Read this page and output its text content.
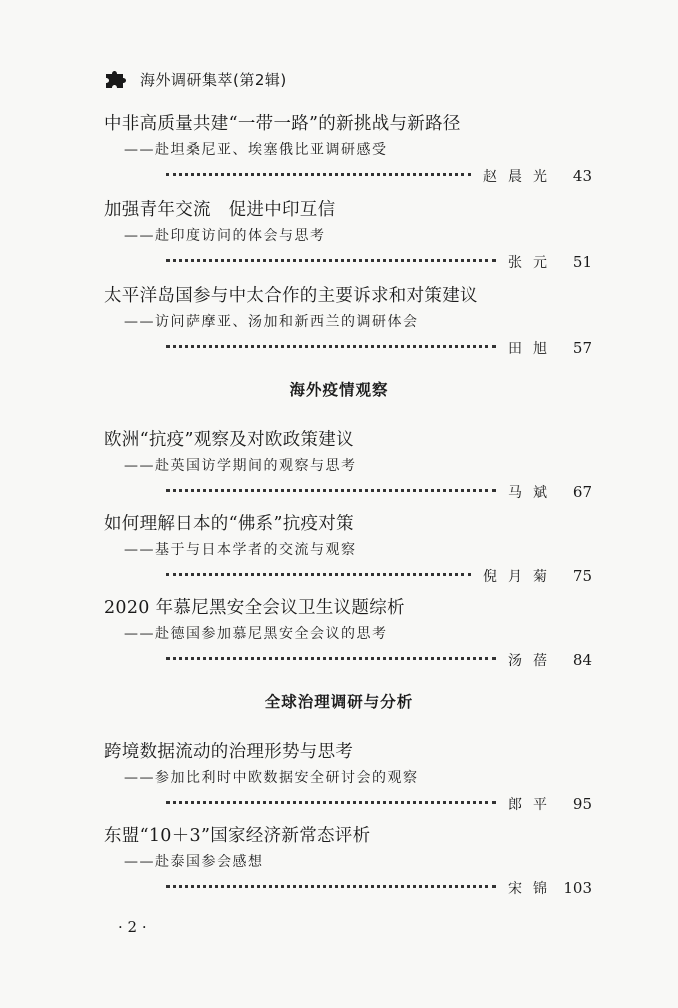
海外调研集萃(第2辑)
中非高质量共建“一带一路”的新挑战与新路径
——赴坦桑尼亚、埃塞俄比亚调研感受
赵晨光 43
加强青年交流　促进中印互信
——赴印度访问的体会与思考
张元 51
太平洋岛国参与中太合作的主要诉求和对策建议
——访问萨摩亚、汤加和新西兰的调研体会
田旭 57
海外疫情观察
欧洲“抗疫”观察及对欧政策建议
——赴英国访学期间的观察与思考
马斌 67
如何理解日本的“佛系”抗疫对策
——基于与日本学者的交流与观察
倪月菊 75
2020 年慕尼黑安全会议卫生议题综析
——赴德国参加慕尼黑安全会议的思考
汤蓓 84
全球治理调研与分析
跨境数据流动的治理形势与思考
——参加比利时中欧数据安全研讨会的观察
郎平 95
东盟“10＋3”国家经济新常态评析
——赴泰国参会感想
宋锦 103
· 2 ·
